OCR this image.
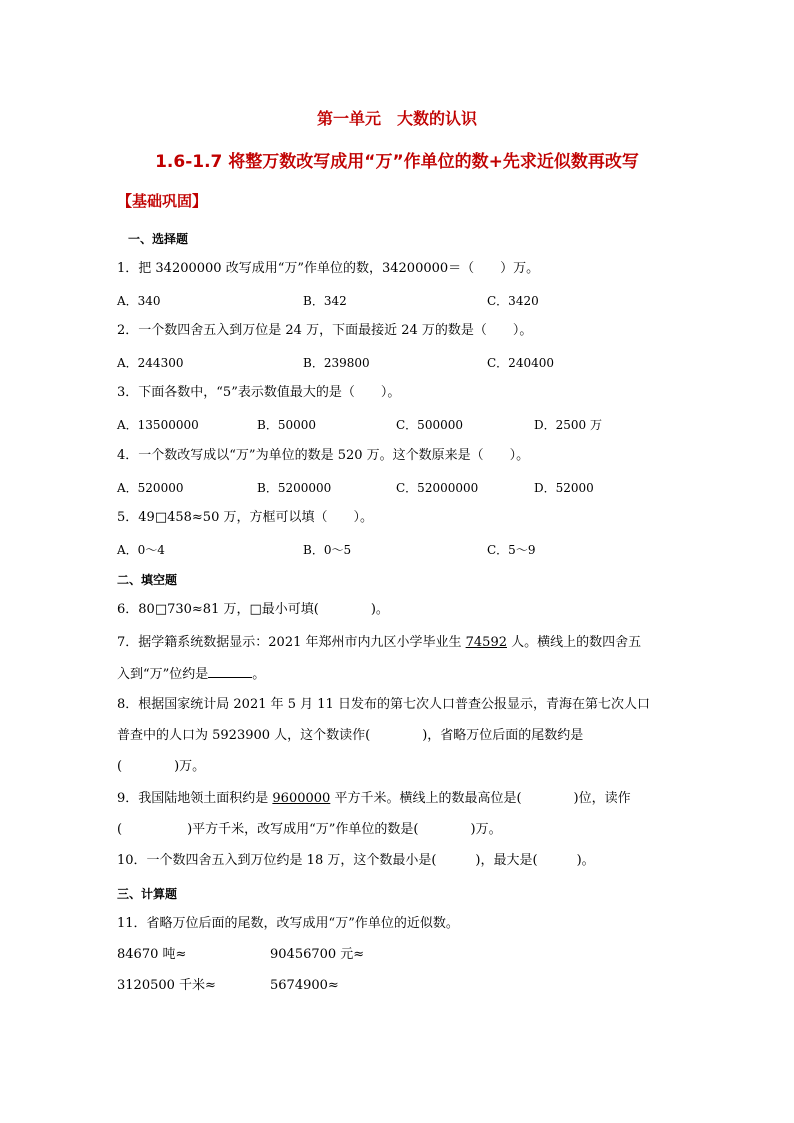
第一单元　大数的认识
1.6-1.7 将整万数改写成用“万”作单位的数+先求近似数再改写
【基础巩固】
一、选择题
1．把 34200000 改写成用“万”作单位的数，34200000＝（　　）万。
A．340	B．342	C．3420
2．一个数四舍五入到万位是 24 万，下面最接近 24 万的数是（　　）。
A．244300	B．239800	C．240400
3．下面各数中，“5”表示数值最大的是（　　）。
A．13500000	B．50000	C．500000	D．2500 万
4．一个数改写成以“万”为单位的数是 520 万。这个数原来是（　　）。
A．520000	B．5200000	C．52000000	D．52000
5．49□458≈50 万，方框可以填（　　）。
A．0～4	B．0～5	C．5～9
二、填空题
6．80□730≈81 万，□最小可填(　　　　)。
7．据学籍系统数据显示：2021 年郑州市内九区小学毕业生 74592 人。横线上的数四舍五
入到“万”位约是	。
8．根据国家统计局 2021 年 5 月 11 日发布的第七次人口普查公报显示，青海在第七次人口
普查中的人口为 5923900 人，这个数读作(　　　　)，省略万位后面的尾数约是
(　　　　)万。
9．我国陆地领土面积约是 9600000 平方千米。横线上的数最高位是(　　　　)位，读作
(　　　　　)平方千米，改写成用“万”作单位的数是(　　　　)万。
10．一个数四舍五入到万位约是 18 万，这个数最小是(　　　)，最大是(　　　)。
三、计算题
11．省略万位后面的尾数，改写成用“万”作单位的近似数。
84670 吨≈	90456700 元≈
3120500 千米≈	5674900≈
